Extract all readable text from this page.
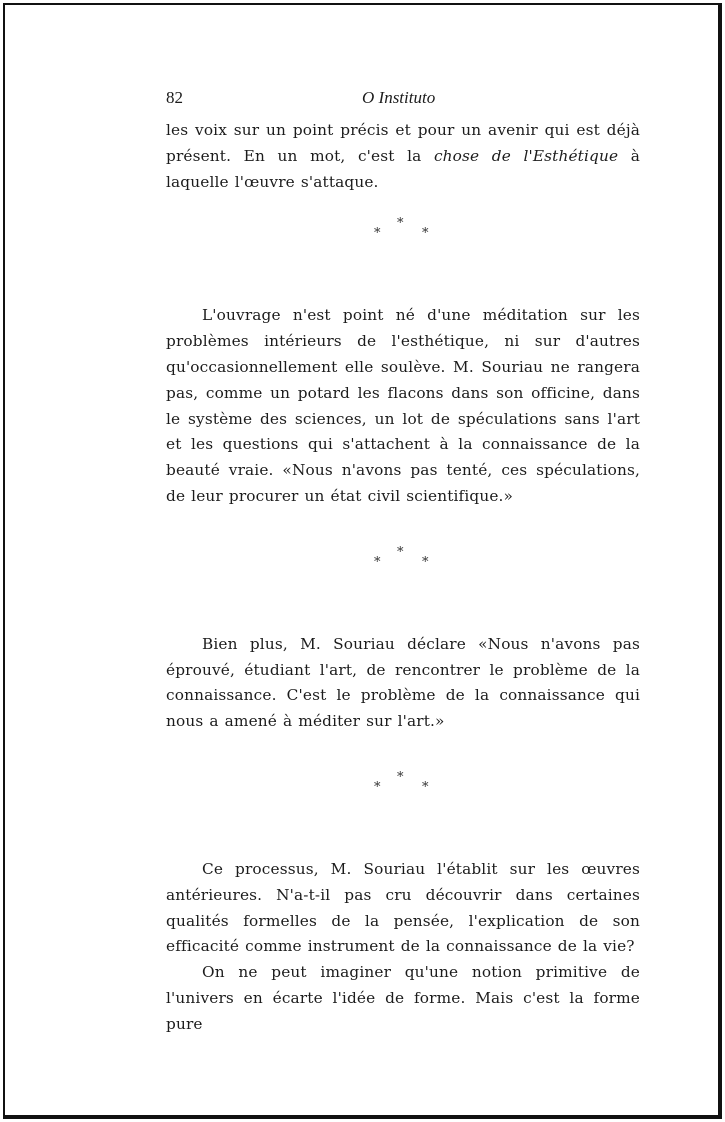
82	O Instituto

les voix sur un point précis et pour un avenir qui est déjà présent. En un mot, c'est la chose de l'Esthétique à laquelle l'œuvre s'attaque.

*
*	*

L'ouvrage n'est point né d'une méditation sur les problèmes intérieurs de l'esthétique, ni sur d'autres qu'occasionnellement elle soulève. M. Souriau ne rangera pas, comme un potard les flacons dans son officine, dans le système des sciences, un lot de spéculations sans l'art et les questions qui s'attachent à la connaissance de la beauté vraie. «Nous n'avons pas tenté, ces spéculations, de leur procurer un état civil scientifique.»

*
*	*

Bien plus, M. Souriau déclare «Nous n'avons pas éprouvé, étudiant l'art, de rencontrer le problème de la connaissance. C'est le problème de la connaissance qui nous a amené à méditer sur l'art.»

*
*	*

Ce processus, M. Souriau l'établit sur les œuvres antérieures. N'a-t-il pas cru découvrir dans certaines qualités formelles de la pensée, l'explication de son efficacité comme instrument de la connaissance de la vie?

On ne peut imaginer qu'une notion primitive de l'univers en écarte l'idée de forme. Mais c'est la forme pure
